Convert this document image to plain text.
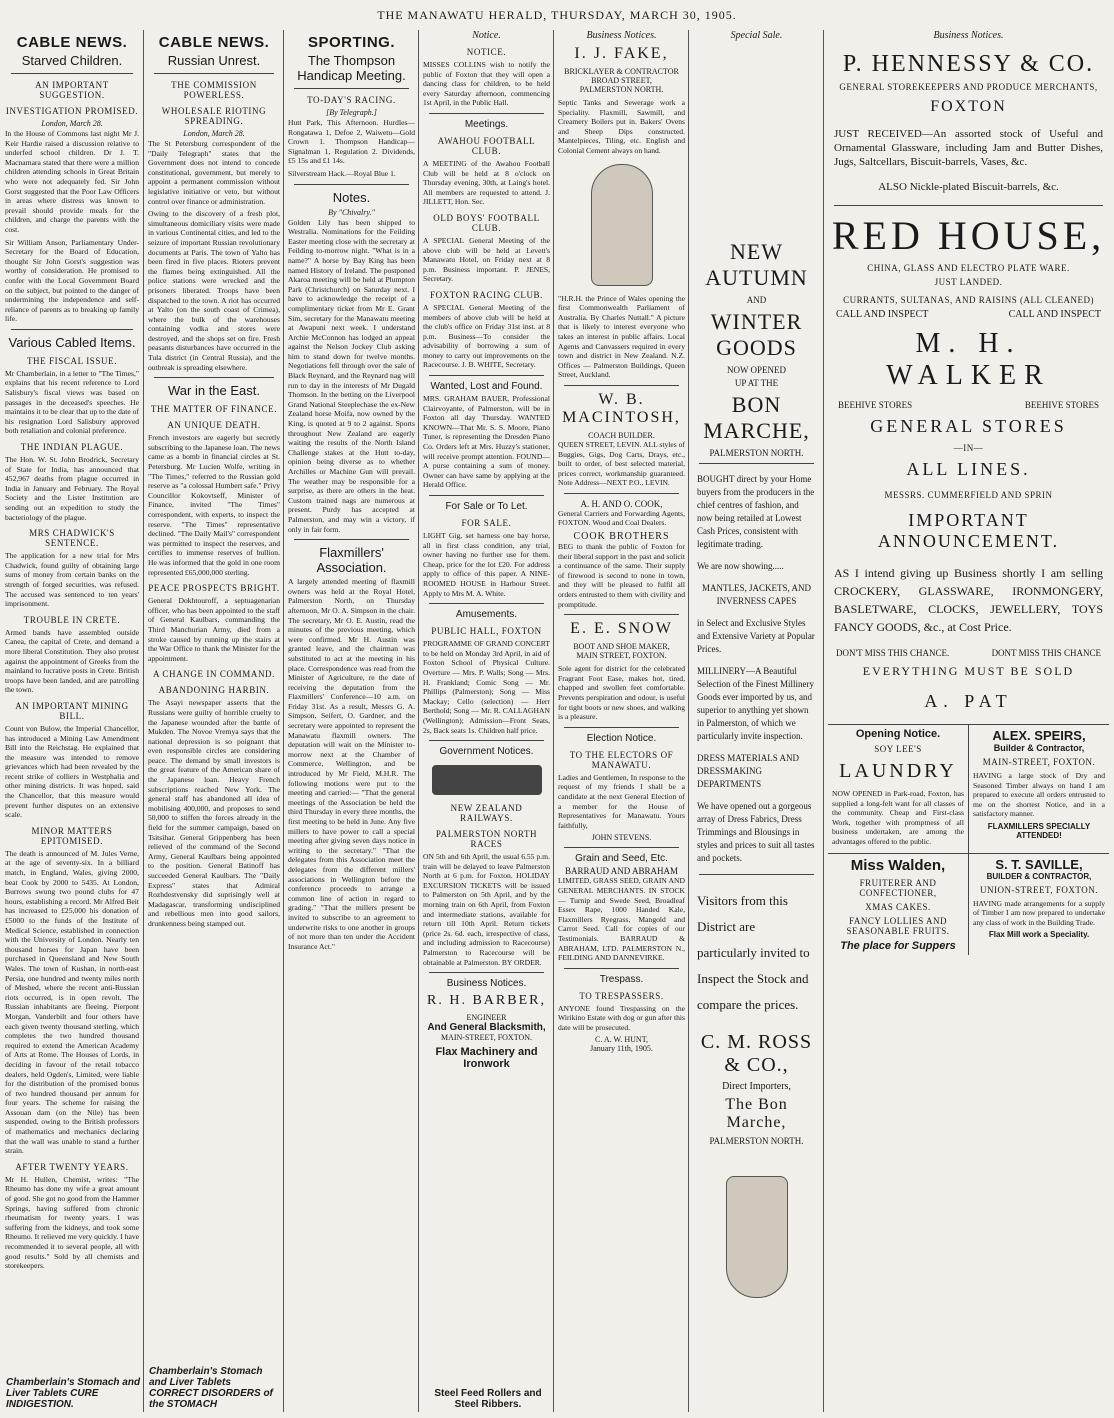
THE MANAWATU HERALD, THURSDAY, MARCH 30, 1905.
CABLE NEWS.
Starved Children.
AN IMPORTANT SUGGESTION.
INVESTIGATION PROMISED.
London, March 28.

In the House of Commons last night Mr J. Keir Hardie raised a discussion relative to underfed school children. Dr J. T. Macnamara stated that there were a million children attending schools in Great Britain who were not adequately fed. Sir John Gorst suggested that the Poor Law Officers in areas where distress was known to prevail should provide meals for the children, and charge the parents with the cost.

Sir William Anson, Parliamentary Under-Secretary for the Board of Education, thought Sir John Gorst's suggestion was worthy of consideration. He promised to confer with the Local Government Board on the subject, but pointed to the danger of undermining the independence and self-reliance of parents as to breaking up family life.

Various Cabled Items.
THE FISCAL ISSUE.

Mr Chamberlain, in a letter to "The Times," explains that his recent reference to Lord Salisbury's fiscal views was based on passages in the deceased's speeches. He maintains it to be clear that up to the date of his resignation Lord Salisbury approved both retaliation and colonial preference.

THE INDIAN PLAGUE.

The Hon. W. St. John Brodrick, Secretary of State for India, has announced that 452,967 deaths from plague occurred in India in January and February. The Royal Society and the Lister Institution are sending out an expedition to study the bacteriology of the plague.

MRS CHADWICK'S SENTENCE.

The application for a new trial for Mrs Chadwick, found guilty of obtaining large sums of money from certain banks on the strength of forged securities, was refused. The accused was sentenced to ten years' imprisonment.

TROUBLE IN CRETE.

Armed bands have assembled outside Canea, the capital of Crete, and demand a more liberal Constitution. They also protest against the appointment of Greeks from the mainland to lucrative posts in Crete. British troops have been landed, and are patrolling the town.

AN IMPORTANT MINING BILL.

Count von Bulow, the Imperial Chancellor, has introduced a Mining Law Amendment Bill into the Reichstag. He explained that the measure was intended to remove grievances which had been revealed by the recent strike of colliers in Westphalia and other mining districts. It was hoped, said the Chancellor, that this measure would prevent further disputes on an extensive scale.

MINOR MATTERS EPITOMISED.

The death is announced of M. Jules Verne, at the age of seventy-six. In a billiard match, in England, Wales, giving 2000, beat Cook by 2000 to 5435. At London, Burrows swung two pound clubs for 47 hours, establishing a record. Mr Alfred Beit has increased to £25,000 his donation of £5000 to the funds of the Institute of Medical Science, established in connection with the University of London. Nearly ten thousand horses for Japan have been purchased in Queensland and New South Wales. The town of Kushan, in north-east Persia, one hundred and twenty miles north of Meshed, where the recent anti-Russian riots occurred, is in open revolt. The Russian inhabitants are fleeing. Pierpont Morgan, Vanderbilt and four others have each given twenty thousand sterling, which completes the two hundred thousand required to extend the American Academy of Arts at Rome. The Houses of Lords, in deciding in favour of the retail tobacco dealers, held Ogden's, Limited, were liable for the distribution of the promised bonus of two hundred thousand per annum for four years. The scheme for raising the Assouan dam (on the Nile) has been suspended, owing to the British professors of mathematics and mechanics declaring that the wall was unable to stand a further strain.

AFTER TWENTY YEARS.

Mr H. Hullen, Chemist, writes: "The Rheumo has done my wife a great amount of good. She got no good from the Hammer Springs, having suffered from chronic rheumatism for twenty years. I was suffering from the kidneys, and took some Rheumo. It relieved me very quickly. I have recommended it to several people, all with good results." Sold by all chemists and storekeepers.

Chamberlain's Stomach and Liver Tablets CURE INDIGESTION.
CABLE NEWS.
Russian Unrest.
THE COMMISSION POWERLESS.
WHOLESALE RIOTING SPREADING.
London, March 28.

The St Petersburg correspondent of the "Daily Telegraph" states that the Government does not intend to concede constitutional, government, but merely to appoint a permanent commission without legislative initiative or veto, but without control over finance or administration.

Owing to the discovery of a fresh plot, simultaneous domiciliary visits were made in various Continental cities, and led to the seizure of important Russian revolutionary documents at Paris. The town of Yalto has been fired in five places. Rioters prevent the flames being extinguished. All the police stations were wrecked and the prisoners liberated. Troops have been dispatched to the town. A riot has occurred at Yalto (on the south coast of Crimea), where the bulk of the warehouses containing vodka and stores were destroyed, and the shops set on fire. Fresh peasants disturbances have occurred in the Tula district (in Central Russia), and the outbreak is spreading elsewhere.

War in the East.
THE MATTER OF FINANCE.
AN UNIQUE DEATH.

French investors are eagerly but secretly subscribing to the Japanese loan. The news came as a bomb in financial circles at St. Petersburg. Mr Lucien Wolfe, writing in "The Times," referred to the Russian gold reserve as "a colossal Humbert safe." Privy Councillor Kokovtseff, Minister of Finance, invited "The Times" correspondent, with experts, to inspect the reserve. "The Times" representative declined. "The Daily Mail's" correspondent was permitted to inspect the reserves, and certifies to immense reserves of bullion. He was informed that the gold in one room represented £65,000,000 sterling.

PEACE PROSPECTS BRIGHT.

General Dokhtouroff, a septuagenarian officer, who has been appointed to the staff of General Kaulbars, commanding the Third Manchurian Army, died from a stroke caused by running up the stairs at the War Office to thank the Minister for the appointment.

A CHANGE IN COMMAND.
ABANDONING HARBIN.

The Asayi newspaper asserts that the Russians were guilty of horrible cruelty to the Japanese wounded after the battle of Mukden. The Novoe Vremya says that the national depression is so poignant that even responsible circles are considering peace. The demand by small investors is the great feature of the American share of the Japanese loan. Heavy French subscriptions reached New York. The general staff has abandoned all idea of mobilising 400,000, and proposes to send 50,000 to stiffen the forces already in the field for the summer campaign, based on Tsitsihar. General Grippenberg has been relieved of the command of the Second Army, General Kaulbars being appointed to the position. General Batinoff has succeeded General Kaulbars. The "Daily Express" states that Admiral Rozhdestvensky did suprisingly well at Madagascar, transforming undisciplined and rebellious men into good sailors, drunkenness being stamped out.

Chamberlain's Stomach and Liver Tablets CORRECT DISORDERS of the STOMACH
SPORTING.
The Thompson Handicap Meeting.
TO-DAY'S RACING.
[By Telegraph.]

Hutt Park, This Afternoon. Hurdles—Rongatawa 1, Defoe 2, Waiwetu—Gold Crown 1. Thompson Handicap—Signalman 1, Regulation 2. Dividends, £5 15s and £1 14s.

Silverstream Hack.—Royal Blue 1.

Notes.
By "Chivalry."

Golden Lily has been shipped to Westralia. Nominations for the Feilding Easter meeting close with the secretary at Feilding to-morrow night. "What is in a name?" A horse by Bay King has been named History of Ireland. The postponed Akaroa meeting will be held at Plumpton Park (Christchurch) on Saturday next. I have to acknowledge the receipt of a complimentary ticket from Mr E. Grant Sim, secretary for the Manawatu meeting at Awapuni next week. I understand Archie McConnon has lodged an appeal against the Nelson Jockey Club asking him to stand down for twelve months. Negotiations fell through over the sale of Black Reynard, and the Reynard nag will run to day in the interests of Mr Dugald Thomson. In the betting on the Liverpool Grand National Steeplechase the ex-New Zealand horse Moifa, now owned by the King, is quoted at 9 to 2 against. Sports throughout New Zealand are eagerly waiting the results of the North Island Challenge stakes at the Hutt to-day, opinion being diverse as to whether Archilles or Machine Gun will prevail. The weather may be responsible for a surprise, as there are others in the heat. Custom trained nags are numerous at present. Purdy has accepted at Palmerston, and may win a victory, if only in fair form.

Flaxmillers' Association.

A largely attended meeting of flaxmill owners was held at the Royal Hotel, Palmerston North, on Thursday afternoon, Mr O. A. Simpson in the chair. The secretary, Mr O. E. Austin, read the minutes of the previous meeting, which were confirmed. Mr H. Austin was granted leave, and the chairman was substituted to act at the meeting in his place. Correspondence was read from the Minister of Agriculture, re the date of receiving the deputation from the Flaxmillers' Conference—10 a.m. on Friday 31st. As a result, Messrs G. A. Simpson, Seifert, O. Gardner, and the secretary were appointed to represent the Manawatu flaxmill owners. The deputation will wait on the Minister to-morrow next at the Chamber of Commerce, Wellington, and be introduced by Mr Field, M.H.R. The following motions were put to the meeting and carried:— "That the general meetings of the Association be held the third Thursday in every three months, the first meeting to be held in June. Any five millers to have power to call a special meeting after giving seven days notice in writing to the secretary." "That the delegates from this Association meet the delegates from the different millers' associations in Wellington before the conference proceeds to arrange a common line of action in regard to grading." "That the millers present be invited to subscribe to an agreement to underwrite risks to one another in groups of not more than ten under the Accident Insurance Act."

Notice.
NOTICE.

MISSES COLLINS wish to notify the public of Foxton that they will open a dancing class for children, to be held every Saturday afternoon, commencing 1st April, in the Public Hall.

Meetings.
AWAHOU FOOTBALL CLUB.

A MEETING of the Awahou Football Club will be held at 8 o'clock on Thursday evening, 30th, at Laing's hotel. All members are requested to attend. J. JILLETT, Hon. Sec.

OLD BOYS' FOOTBALL CLUB.

A SPECIAL General Meeting of the above club will be held at Levett's Manawatu Hotel, on Friday next at 8 p.m. Business important. P. JENES, Secretary.

FOXTON RACING CLUB.

A SPECIAL General Meeting of the members of above club will be held at the club's office on Friday 31st inst. at 8 p.m. Business—To consider the advisability of borrowing a sum of money to carry out improvements on the Racecourse. J. B. WHITE, Secretary.

Wanted, Lost and Found.

MRS. GRAHAM BAUER, Professional Clairvoyante, of Palmerston, will be in Foxton all day Thursday. WANTED KNOWN—That Mr. S. S. Moore, Piano Tuner, is representing the Dresden Piano Co. Orders left at Mrs. Huzzy's stationer, will receive prompt attention. FOUND—A purse containing a sum of money. Owner can have same by applying at the Herald Office.

For Sale or To Let.
FOR SALE.

LIGHT Gig, set harness one bay horse, all in first class condition, any trial, owner having no further use for them. Cheap, price for the lot £20. For address apply to office of this paper. A NINE-ROOMED HOUSE in Harbour Street. Apply to Mrs M. A. White.

Amusements.
PUBLIC HALL, FOXTON

PROGRAMME OF GRAND CONCERT to be held on Monday 3rd April, in aid of Foxton School of Physical Culture. Overture — Mrs. P. Walls; Song — Mrs. H. Frankland; Comic Song — Mr. Phillips (Palmerston); Song — Miss Mackay; Cello (selection) — Herr Berthold; Song — Mr. R. CALLAGHAN (Wellington); Admission—Front Seats, 2s, Back seats 1s. Children half price.

Government Notices.
NEW ZEALAND RAILWAYS.
PALMERSTON NORTH RACES

ON 5th and 6th April, the usual 6.55 p.m. train will be delayed to leave Palmerston North at 6 p.m. for Foxton. HOLIDAY EXCURSION TICKETS will be issued to Palmerston on 5th April, and by the morning train on 6th April, from Foxton and intermediate stations, available for return till 10th April. Return tickets (price 2s. 6d. each, irrespective of class, and including admission to Racecourse) Palmerston to Racecourse will be obtainable at Palmerston. BY ORDER.

Business Notices.
R. H. BARBER,
ENGINEER
And General Blacksmith,
MAIN-STREET, FOXTON.
Flax Machinery and Ironwork
Steel Feed Rollers and Steel Ribbers.
Business Notices.
I. J. FAKE,
BRICKLAYER & CONTRACTOR
BROAD STREET,
PALMERSTON NORTH.

Septic Tanks and Sewerage work a Speciality. Flaxmill, Sawmill, and Creamery Boilers put in. Bakers' Ovens and Sheep Dips constructed. Mantelpieces, Tiling, etc. English and Colonial Cement always on hand.

"H.R.H. the Prince of Wales opening the first Commonwealth Parliament of Australia. By Charles Nuttall." A picture that is likely to interest everyone who takes an interest in public affairs. Local Agents and Canvassers required in every town and district in New Zealand. N.Z. Offices — Palmerston Buildings, Queen Street, Auckland.

W. B. MACINTOSH,
COACH BUILDER.

QUEEN STREET, LEVIN. ALL styles of Buggies, Gigs, Dog Carts, Drays, etc., built to order, of best selected material, prices correct, workmanship guaranteed. Note Address—NEXT P.O., LEVIN.

A. H. AND O. COOK,

General Carriers and Forwarding Agents, FOXTON. Wood and Coal Dealers.

COOK BROTHERS

BEG to thank the public of Foxton for their liberal support in the past and solicit a continuance of the same. Their supply of firewood is second to none in town, and they will be pleased to fulfil all orders entrusted to them with civility and promptitude.

E. E. SNOW
BOOT AND SHOE MAKER,
MAIN STREET, FOXTON.

Sole agent for district for the celebrated Fragrant Foot Ease, makes hot, tired, chapped and swollen feet comfortable. Prevents perspiration and odour, is useful for tight boots or new shoes, and walking is a pleasure.

Election Notice.
TO THE ELECTORS OF MANAWATU.

Ladies and Gentlemen, In response to the request of my friends I shall be a candidate at the next General Election of a member for the House of Representatives for Manawatu. Yours faithfully,

JOHN STEVENS.
Grain and Seed, Etc.
BARRAUD AND ABRAHAM

LIMITED, GRASS SEED, GRAIN AND GENERAL MERCHANTS. IN STOCK— Turnip and Swede Seed, Broadleaf Essex Rape, 1000 Handed Kale, Flaxmillers Ryegrass, Mangold and Carrot Seed. Call for copies of our Testimonials. BARRAUD & ABRAHAM, LTD. PALMERSTON N., FEILDING AND DANNEVIRKE.

Trespass.
TO TRESPASSERS.

ANYONE found Trespassing on the Wirikino Estate with dog or gun after this date will be prosecuted.

C. A. W. HUNT,
January 11th, 1905.
Special Sale.
NEW AUTUMN
AND
WINTER GOODS
NOW OPENED
UP AT THE
BON MARCHE,
PALMERSTON NORTH.

BOUGHT direct by your Home buyers from the producers in the chief centres of fashion, and now being retailed at Lowest Cash Prices, consistent with legitimate trading.

We are now showing.....

MANTLES, JACKETS, AND INVERNESS CAPES

in Select and Exclusive Styles and Extensive Variety at Popular Prices.

MILLINERY—A Beautiful Selection of the Finest Millinery Goods ever imported by us, and superior to anything yet shown in Palmerston, of which we particularly invite inspection.

DRESS MATERIALS AND DRESSMAKING DEPARTMENTS

We have opened out a gorgeous array of Dress Fabrics, Dress Trimmings and Blousings in styles and prices to suit all tastes and pockets.

Visitors from this District are particularly invited to Inspect the Stock and compare the prices.

C. M. ROSS & CO.,
Direct Importers,
The Bon Marche,
PALMERSTON NORTH.
Business Notices.
P. HENNESSY & CO.
GENERAL STOREKEEPERS AND PRODUCE MERCHANTS,
FOXTON

JUST RECEIVED—An assorted stock of Useful and Ornamental Glassware, including Jam and Butter Dishes, Jugs, Saltcellars, Biscuit-barrels, Vases, &c.

ALSO Nickle-plated Biscuit-barrels, &c.

RED HOUSE,
CHINA, GLASS AND ELECTRO PLATE WARE.
JUST LANDED.
CURRANTS, SULTANAS, AND RAISINS (ALL CLEANED)
CALL AND INSPECT	CALL AND INSPECT
M. H. WALKER
BEEHIVE STORES	BEEHIVE STORES
GENERAL STORES
—IN—
ALL LINES.
MESSRS. CUMMERFIELD AND SPRIN
IMPORTANT ANNOUNCEMENT.

AS I intend giving up Business shortly I am selling CROCKERY, GLASSWARE, IRONMONGERY, BASLETWARE, CLOCKS, JEWELLERY, TOYS FANCY GOODS, &c., at Cost Price.

DON'T MISS THIS CHANCE.	DONT MISS THIS CHANCE
EVERYTHING MUST BE SOLD
A. PAT
Opening Notice.
SOY LEE'S
LAUNDRY

NOW OPENED in Park-road, Foxton, has supplied a long-felt want for all classes of the community. Cheap and First-class Work, together with promptness of all business undertaken, are among the advantages offered to the public.

ALEX. SPEIRS,
Builder & Contractor,
MAIN-STREET, FOXTON.

HAVING a large stock of Dry and Seasoned Timber always on hand I am prepared to execute all orders entrusted to me on the shortest Notice, and in a satisfactory manner.

FLAXMILLERS SPECIALLY ATTENDED!
Miss Walden,
FRUITERER AND CONFECTIONER,
XMAS CAKES.
FANCY LOLLIES AND SEASONABLE FRUITS.
The place for Suppers
S. T. SAVILLE,
BUILDER & CONTRACTOR,
UNION-STREET, FOXTON.

HAVING made arrangements for a supply of Timber I am now prepared to undertake any class of work in the Building Trade.

Flax Mill work a Speciality.
